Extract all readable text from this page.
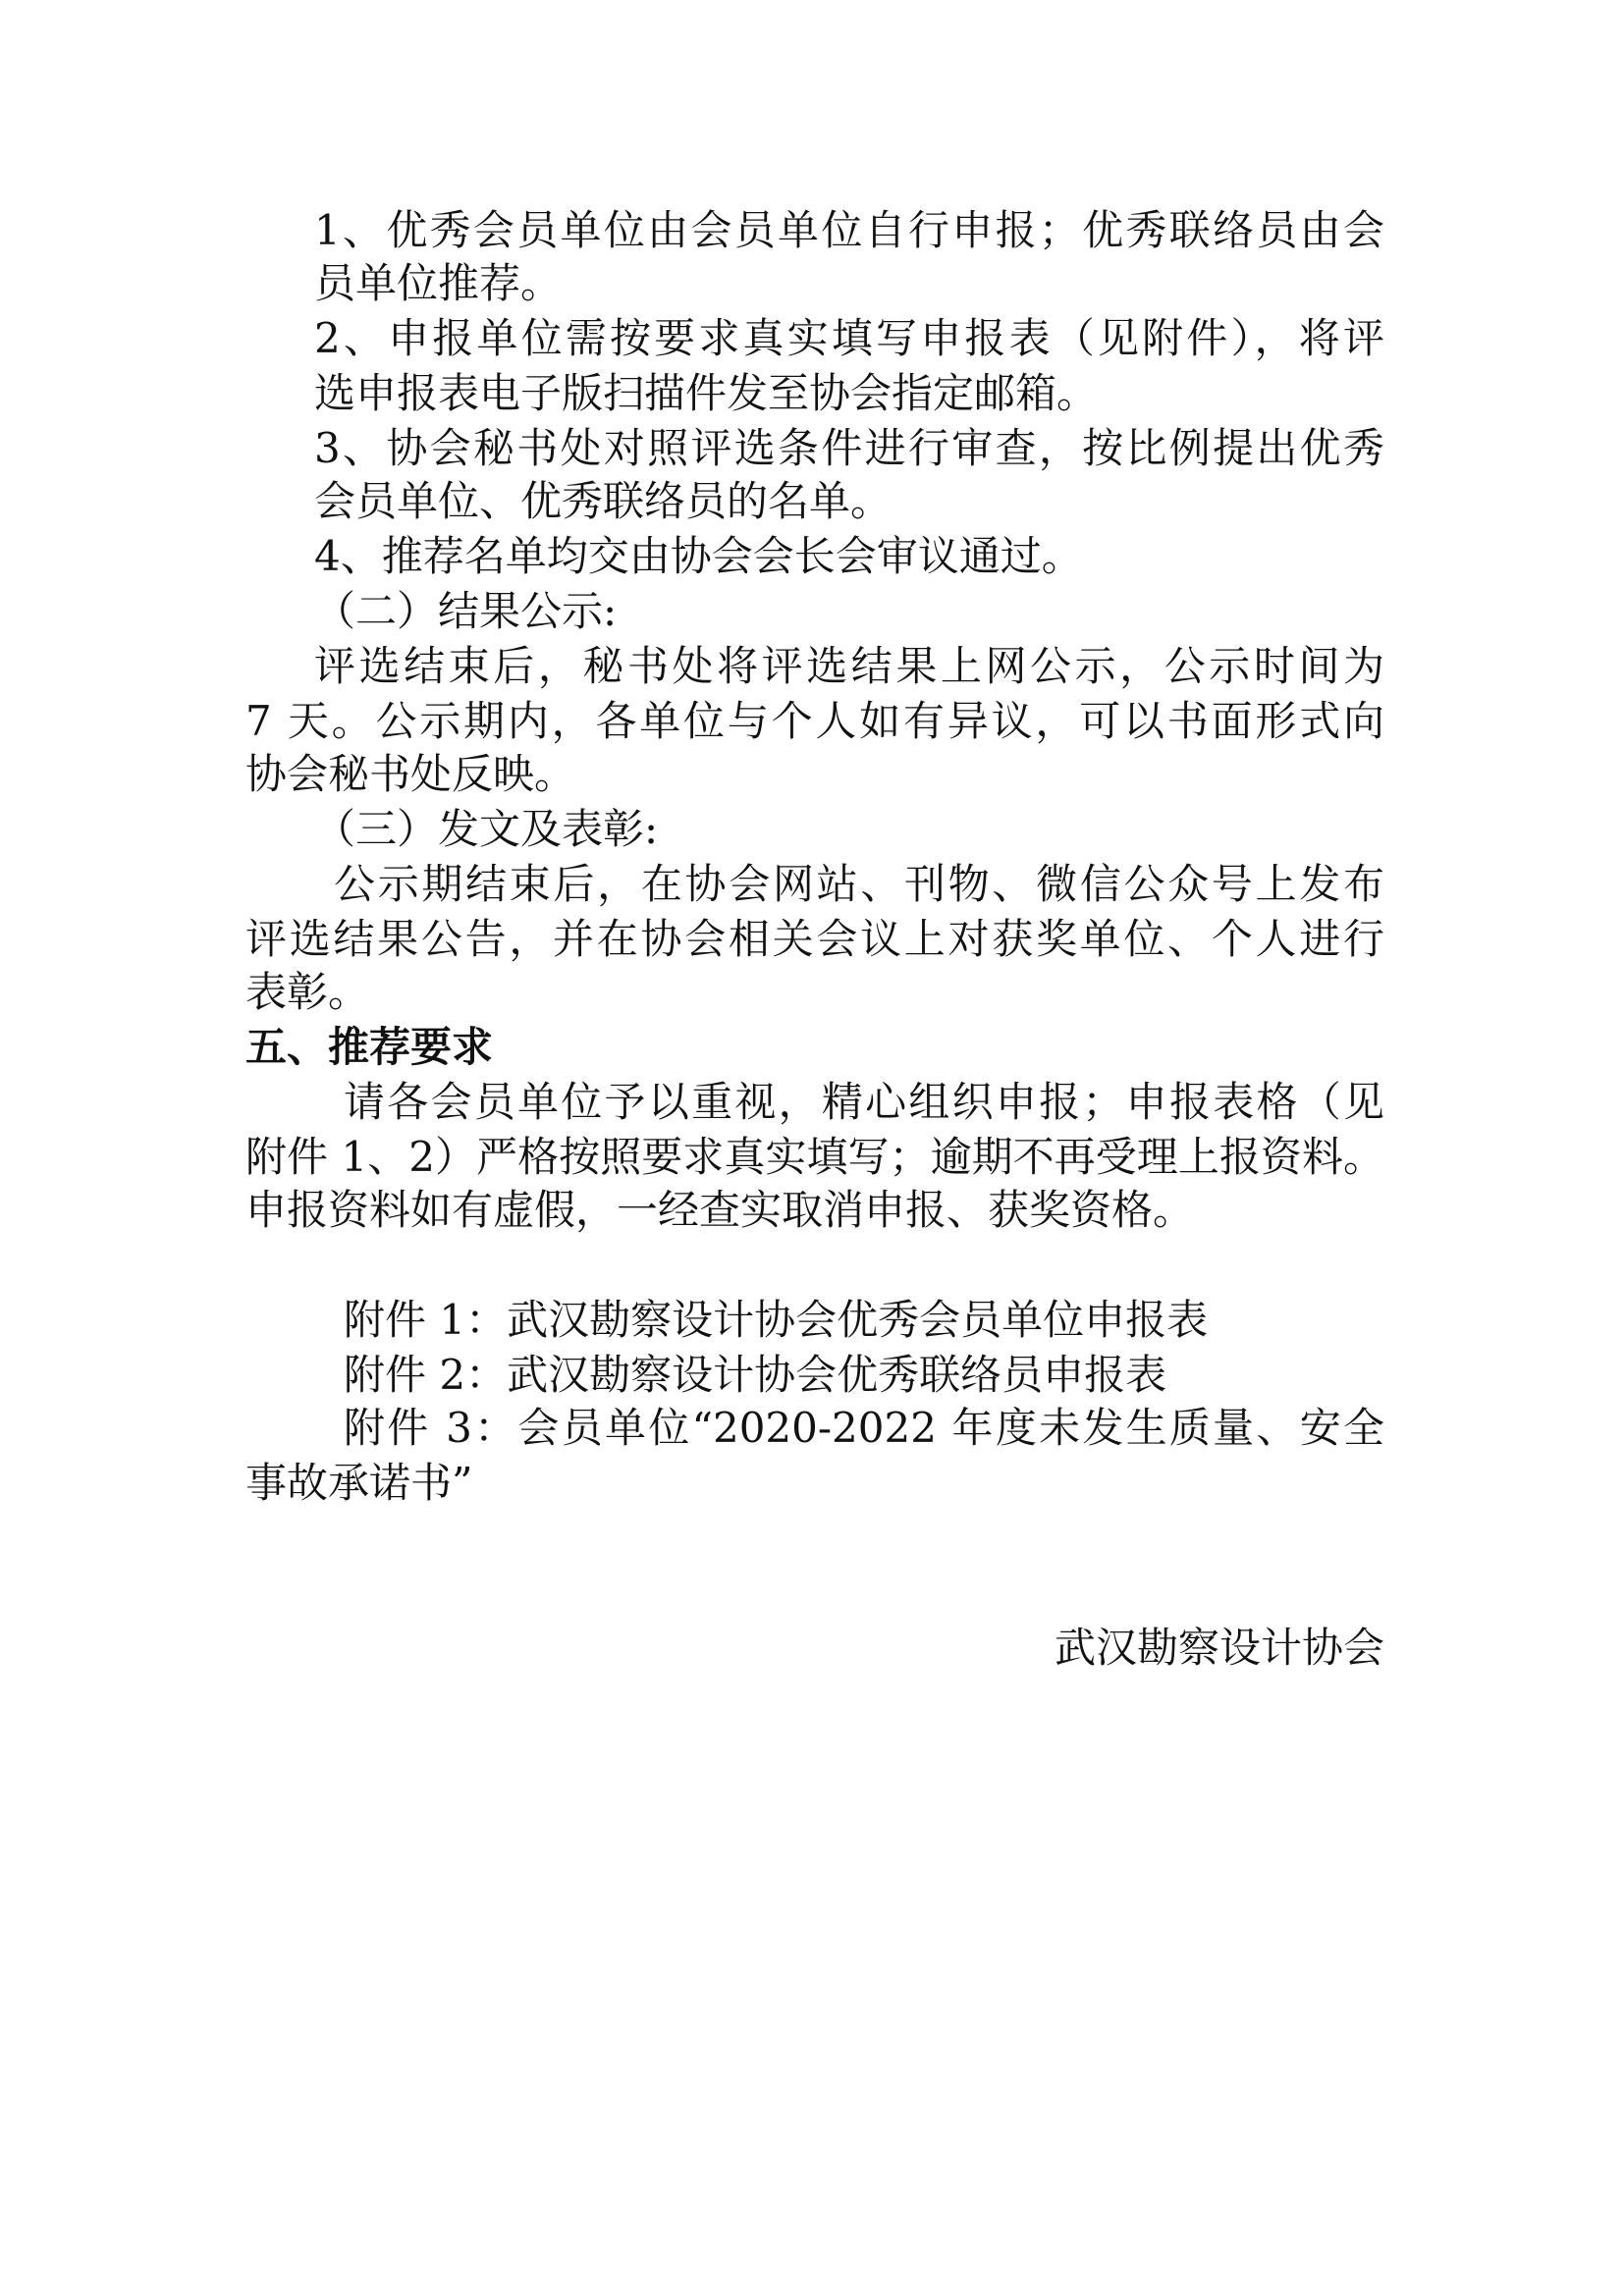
1、优秀会员单位由会员单位自行申报；优秀联络员由会
员单位推荐。
2、申报单位需按要求真实填写申报表（见附件），将评
选申报表电子版扫描件发至协会指定邮箱。
3、协会秘书处对照评选条件进行审查，按比例提出优秀
会员单位、优秀联络员的名单。
4、推荐名单均交由协会会长会审议通过。
（二）结果公示:
评选结束后，秘书处将评选结果上网公示，公示时间为
7 天。公示期内，各单位与个人如有异议，可以书面形式向
协会秘书处反映。
（三）发文及表彰:
公示期结束后，在协会网站、刊物、微信公众号上发布
评选结果公告，并在协会相关会议上对获奖单位、个人进行
表彰。
五、推荐要求
请各会员单位予以重视，精心组织申报；申报表格（见
附件 1、2）严格按照要求真实填写；逾期不再受理上报资料。
申报资料如有虚假，一经查实取消申报、获奖资格。
附件 1：武汉勘察设计协会优秀会员单位申报表
附件 2：武汉勘察设计协会优秀联络员申报表
附件 3：会员单位“2020-2022 年度未发生质量、安全
事故承诺书”
武汉勘察设计协会
